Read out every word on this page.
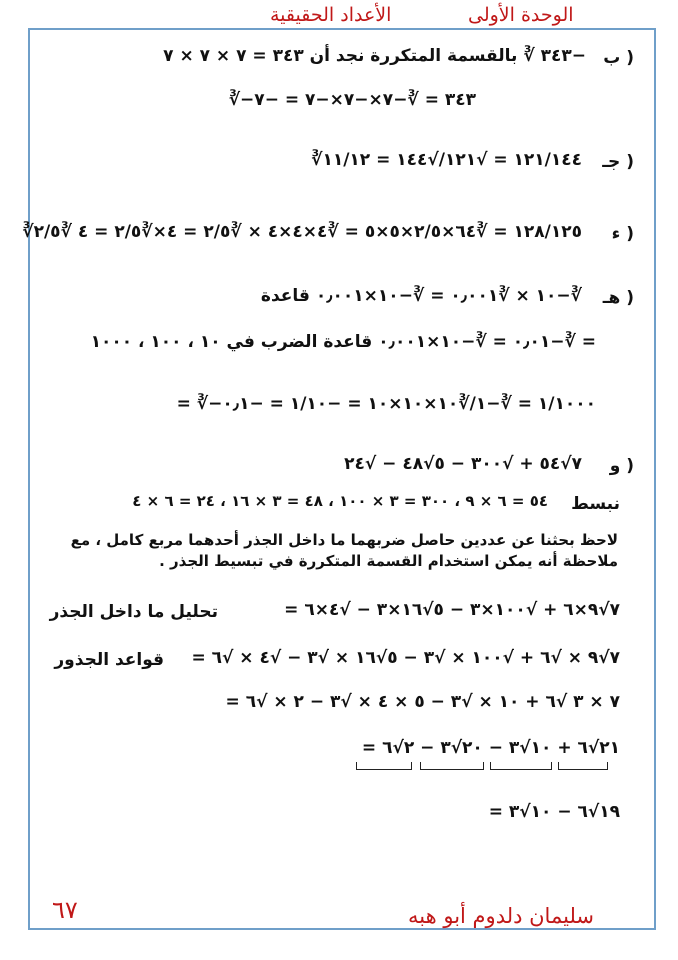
الأعداد الحقيقية	الوحدة الأولى
ب )
−٣٤٣ ∛ بالقسمة المتكررة نجد أن ٣٤٣ = ٧ × ٧ × ٧
∛−٣٤٣ = ∛−٧×−٧×−٧ = −٧
جـ )
∛١٢١/١٤٤ = √١٢١/√١٤٤ = ١١/١٢
ء )
∛١٢٨/١٢٥ = ∛٦٤×٢/٥×٥×٥ = ∛٤×٤×٤ × ∛٢/٥ = ٤×∛٢/٥ = ٤ ∛٢/٥
هـ )
∛−١٠ × ∛٠٫٠٠١ = ∛−١٠×٠٫٠٠١ قاعدة
= ∛−٠٫٠١ = ∛−١٠×٠٫٠٠١ قاعدة الضرب في ١٠ ، ١٠٠ ، ١٠٠٠
= ∛−١/١٠٠٠ = ∛−١/∛١٠×١٠×١٠ = −١/١٠ = −٠٫١
و )
٧√٥٤ + √٣٠٠ − ٥√٤٨ − √٢٤
نبسط
٥٤ = ٦ × ٩ ، ٣٠٠ = ٣ × ١٠٠ ، ٤٨ = ٣ × ١٦ ، ٢٤ = ٦ × ٤
لاحظ بحثنا عن عددين حاصل ضربهما ما داخل الجذر أحدهما مربع كامل ، مع ملاحظة أنه يمكن استخدام القسمة المتكررة في تبسيط الجذر .
= ٧√٩×٦ + √١٠٠×٣ − ٥√١٦×٣ − √٤×٦
تحليل ما داخل الجذر
= ٧√٩ × √٦ + √١٠٠ × √٣ − ٥√١٦ × √٣ − √٤ × √٦
قواعد الجذور
= ٧ × ٣ √٦ + ١٠ × √٣ − ٥ × ٤ × √٣ − ٢ × √٦
= ٢١√٦ + ١٠√٣ − ٢٠√٣ − ٢√٦
= ١٩√٦ − ١٠√٣
سليمان دلدوم أبو هبه
٦٧
